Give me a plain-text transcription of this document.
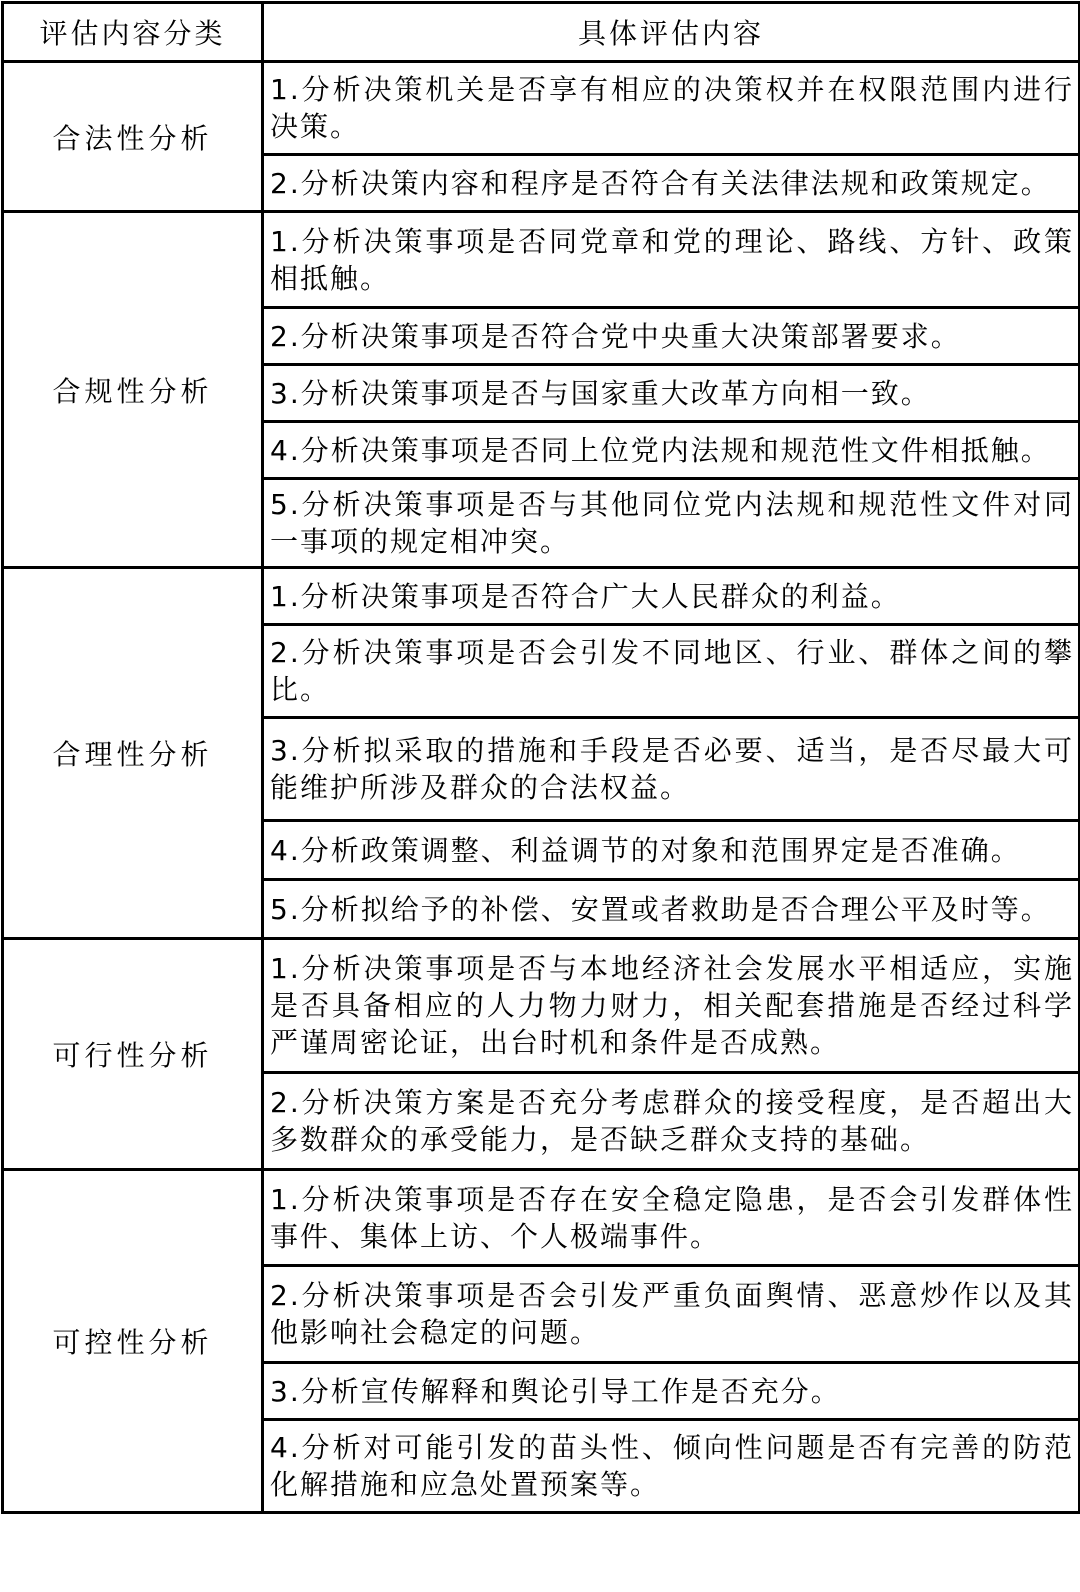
评估内容分类	具体评估内容
合法性分析	1.分析决策机关是否享有相应的决策权并在权限范围内进行决策。
	2.分析决策内容和程序是否符合有关法律法规和政策规定。
合规性分析	1.分析决策事项是否同党章和党的理论、路线、方针、政策相抵触。
	2.分析决策事项是否符合党中央重大决策部署要求。
	3.分析决策事项是否与国家重大改革方向相一致。
	4.分析决策事项是否同上位党内法规和规范性文件相抵触。
	5.分析决策事项是否与其他同位党内法规和规范性文件对同一事项的规定相冲突。
合理性分析	1.分析决策事项是否符合广大人民群众的利益。
	2.分析决策事项是否会引发不同地区、行业、群体之间的攀比。
	3.分析拟采取的措施和手段是否必要、适当，是否尽最大可能维护所涉及群众的合法权益。
	4.分析政策调整、利益调节的对象和范围界定是否准确。
	5.分析拟给予的补偿、安置或者救助是否合理公平及时等。
可行性分析	1.分析决策事项是否与本地经济社会发展水平相适应，实施是否具备相应的人力物力财力，相关配套措施是否经过科学严谨周密论证，出台时机和条件是否成熟。
	2.分析决策方案是否充分考虑群众的接受程度，是否超出大多数群众的承受能力，是否缺乏群众支持的基础。
可控性分析	1.分析决策事项是否存在安全稳定隐患，是否会引发群体性事件、集体上访、个人极端事件。
	2.分析决策事项是否会引发严重负面舆情、恶意炒作以及其他影响社会稳定的问题。
	3.分析宣传解释和舆论引导工作是否充分。
	4.分析对可能引发的苗头性、倾向性问题是否有完善的防范化解措施和应急处置预案等。
